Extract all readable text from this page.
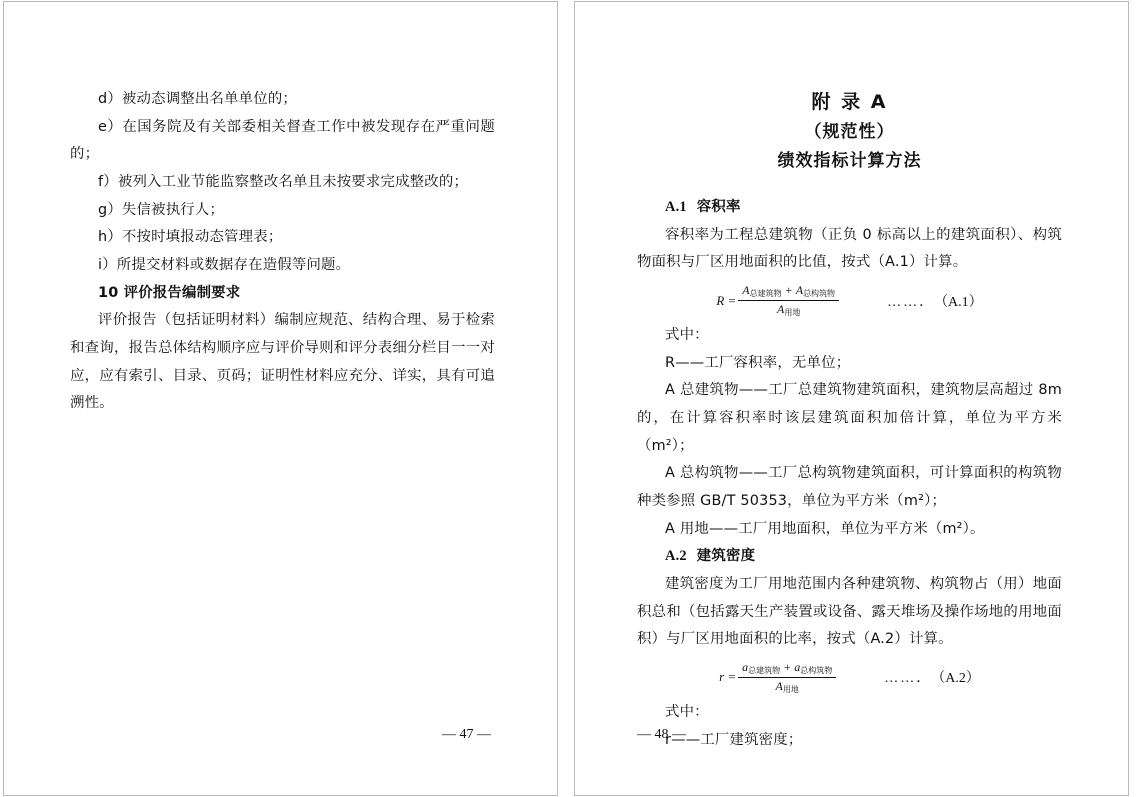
d）被动态调整出名单单位的；

e）在国务院及有关部委相关督查工作中被发现存在严重问题的；

f）被列入工业节能监察整改名单且未按要求完成整改的；

g）失信被执行人；

h）不按时填报动态管理表；

i）所提交材料或数据存在造假等问题。

10 评价报告编制要求

评价报告（包括证明材料）编制应规范、结构合理、易于检索和查询，报告总体结构顺序应与评价导则和评分表细分栏目一一对应，应有索引、目录、页码；证明性材料应充分、详实，具有可追溯性。

— 47 —

附 录 A

（规范性）

绩效指标计算方法

A.1 容积率

容积率为工程总建筑物（正负 0 标高以上的建筑面积）、构筑物面积与厂区用地面积的比值，按式（A.1）计算。

$R = \frac{A_{总建筑物} + A_{总构筑物}}{A_{用地}}$	……． （A.1）

式中：

R——工厂容积率，无单位；

A 总建筑物——工厂总建筑物建筑面积，建筑物层高超过 8m 的，在计算容积率时该层建筑面积加倍计算，单位为平方米（m²）；

A 总构筑物——工厂总构筑物建筑面积，可计算面积的构筑物种类参照 GB/T 50353，单位为平方米（m²）；

A 用地——工厂用地面积，单位为平方米（m²）。

A.2 建筑密度

建筑密度为工厂用地范围内各种建筑物、构筑物占（用）地面积总和（包括露天生产装置或设备、露天堆场及操作场地的用地面积）与厂区用地面积的比率，按式（A.2）计算。

$r = \frac{a_{总建筑物} + a_{总构筑物}}{A_{用地}}$	……． （A.2）

式中：

r——工厂建筑密度；

— 48 —
